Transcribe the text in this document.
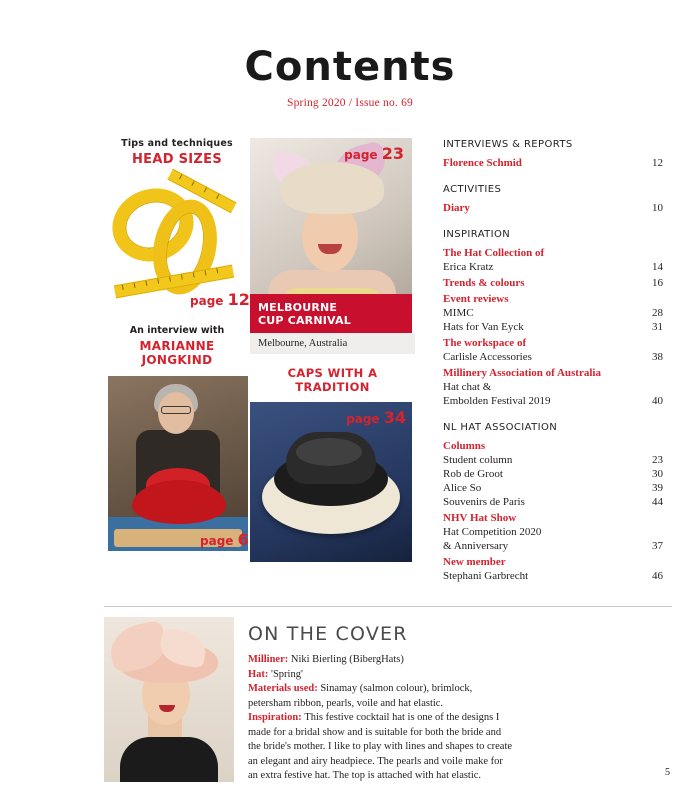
Contents
Spring 2020 / Issue no. 69
Tips and techniques
HEAD SIZES
page 12
An interview with
MARIANNE JONGKIND
page 6
page 23
MELBOURNE
CUP CARNIVAL
Melbourne, Australia
CAPS WITH A TRADITION
page 34
INTERVIEWS & REPORTS
Florence Schmid	12
ACTIVITIES
Diary	10
INSPIRATION
The Hat Collection of
Erica Kratz	14
Trends & colours	16
Event reviews
MIMC	28
Hats for Van Eyck	31
The workspace of
Carlisle Accessories	38
Millinery Association of Australia
Hat chat &
Embolden Festival 2019	40
NL HAT ASSOCIATION
Columns
Student column	23
Rob de Groot	30
Alice So	39
Souvenirs de Paris	44
NHV Hat Show
Hat Competition 2020
& Anniversary	37
New member
Stephani Garbrecht	46
ON THE COVER

Milliner: Niki Bierling (BibergHats)

Hat: 'Spring'

Materials used: Sinamay (salmon colour), brimlock,

petersham ribbon, pearls, voile and hat elastic.

Inspiration: This festive cocktail hat is one of the designs I

made for a bridal show and is suitable for both the bride and

the bride's mother. I like to play with lines and shapes to create

an elegant and airy headpiece. The pearls and voile make for

an extra festive hat. The top is attached with hat elastic.	5
